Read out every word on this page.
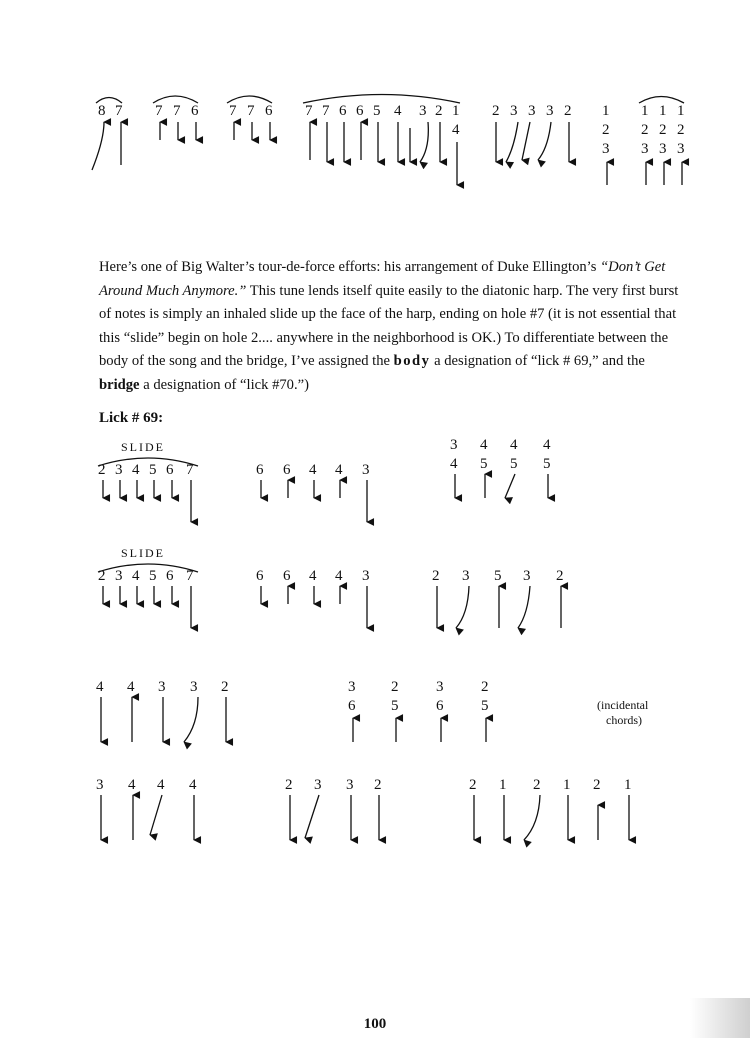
8 7 7 7 6 7 7 6 7 7 6 6 5 4 3 2 1 2 3 3 3 2 1 1 1 1
4	2 2 2 2
3 3 3 3
SLIDE
2 3 4 5 6 7	6 6 4 4 3
3 4 4 4
4 5 5 5
SLIDE
2 3 4 5 6 7	6 6 4 4 3	2 3 5 3 2
4 4 3 3 2	3 2	3	2
6 5	6	5	(incidental
chords)
3 4 4 4	2 3 3 2	2 1 2 1 2 1

Here’s one of Big Walter’s tour-de-force efforts: his arrangement of Duke Ellington’s “Don’t Get Around Much Anymore.” This tune lends itself quite easily to the diatonic harp. The very first burst of notes is simply an inhaled slide up the face of the harp, ending on hole #7 (it is not essential that this “slide” begin on hole 2.... anywhere in the neighborhood is OK.) To differentiate between the body of the song and the bridge, I’ve assigned the body a designation of “lick # 69,” and the bridge a designation of “lick #70.”)

Lick # 69:

100
